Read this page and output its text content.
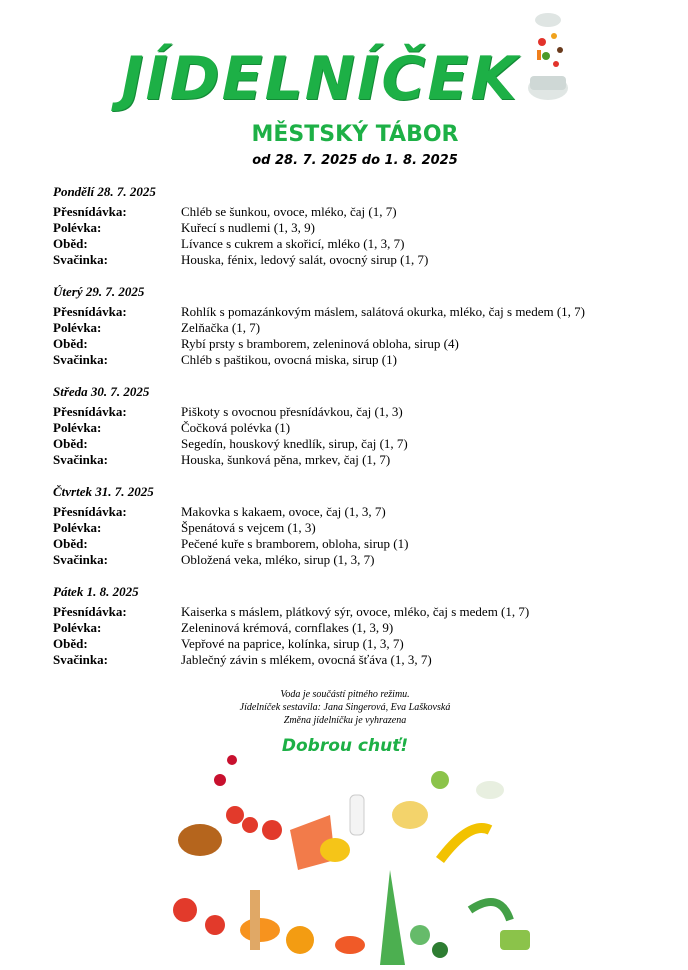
JÍDELNÍČEK
MĚSTSKÝ TÁBOR
od 28. 7. 2025 do 1. 8. 2025
Pondělí 28. 7. 2025
Přesnídávka:	Chléb se šunkou, ovoce, mléko, čaj (1, 7)
Polévka:	Kuřecí s nudlemi (1, 3, 9)
Oběd:	Lívance s cukrem a skořicí, mléko (1, 3, 7)
Svačinka:	Houska, fénix, ledový salát, ovocný sirup (1, 7)
Úterý 29. 7. 2025
Přesnídávka:	Rohlík s pomazánkovým máslem, salátová okurka, mléko, čaj s medem (1, 7)
Polévka:	Zelňačka (1, 7)
Oběd:	Rybí prsty s bramborem, zeleninová obloha, sirup (4)
Svačinka:	Chléb s paštikou, ovocná miska, sirup (1)
Středa 30. 7. 2025
Přesnídávka:	Piškoty s ovocnou přesnídávkou, čaj (1, 3)
Polévka:	Čočková polévka (1)
Oběd:	Segedín, houskový knedlík, sirup, čaj (1, 7)
Svačinka:	Houska, šunková pěna, mrkev, čaj (1, 7)
Čtvrtek 31. 7. 2025
Přesnídávka:	Makovka s kakaem, ovoce, čaj (1, 3, 7)
Polévka:	Špenátová s vejcem (1, 3)
Oběd:	Pečené kuře s bramborem, obloha, sirup (1)
Svačinka:	Obložená veka, mléko, sirup (1, 3, 7)
Pátek 1. 8. 2025
Přesnídávka:	Kaiserka s máslem, plátkový sýr, ovoce, mléko, čaj s medem (1, 7)
Polévka:	Zeleninová krémová, cornflakes (1, 3, 9)
Oběd:	Vepřové na paprice, kolínka, sirup (1, 3, 7)
Svačinka:	Jablečný závin s mlékem, ovocná šťáva (1, 3, 7)
Voda je součástí pitného režimu.
Jídelníček sestavila: Jana Singerová, Eva Laškovská
Změna jídelníčku je vyhrazena
Dobrou chuť!
